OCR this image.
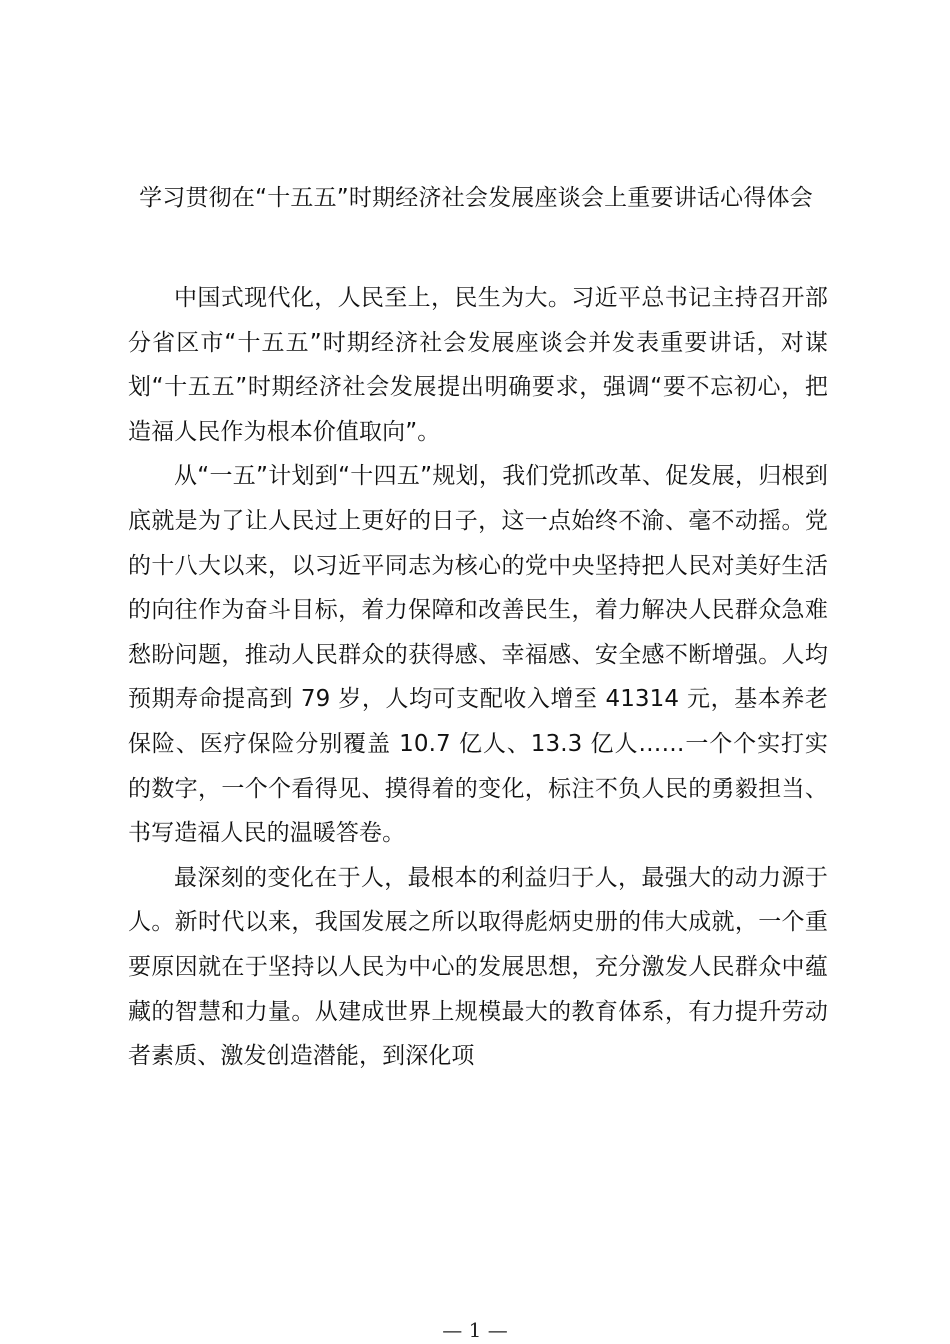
学习贯彻在“十五五”时期经济社会发展座谈会上重要讲话心得体会

中国式现代化，人民至上，民生为大。习近平总书记主持召开部分省区市“十五五”时期经济社会发展座谈会并发表重要讲话，对谋划“十五五”时期经济社会发展提出明确要求，强调“要不忘初心，把造福人民作为根本价值取向”。

从“一五”计划到“十四五”规划，我们党抓改革、促发展，归根到底就是为了让人民过上更好的日子，这一点始终不渝、毫不动摇。党的十八大以来，以习近平同志为核心的党中央坚持把人民对美好生活的向往作为奋斗目标，着力保障和改善民生，着力解决人民群众急难愁盼问题，推动人民群众的获得感、幸福感、安全感不断增强。人均预期寿命提高到 79 岁，人均可支配收入增至 41314 元，基本养老保险、医疗保险分别覆盖 10.7 亿人、13.3 亿人……一个个实打实的数字，一个个看得见、摸得着的变化，标注不负人民的勇毅担当、书写造福人民的温暖答卷。

最深刻的变化在于人，最根本的利益归于人，最强大的动力源于人。新时代以来，我国发展之所以取得彪炳史册的伟大成就，一个重要原因就在于坚持以人民为中心的发展思想，充分激发人民群众中蕴藏的智慧和力量。从建成世界上规模最大的教育体系，有力提升劳动者素质、激发创造潜能，到深化项

— 1 —
